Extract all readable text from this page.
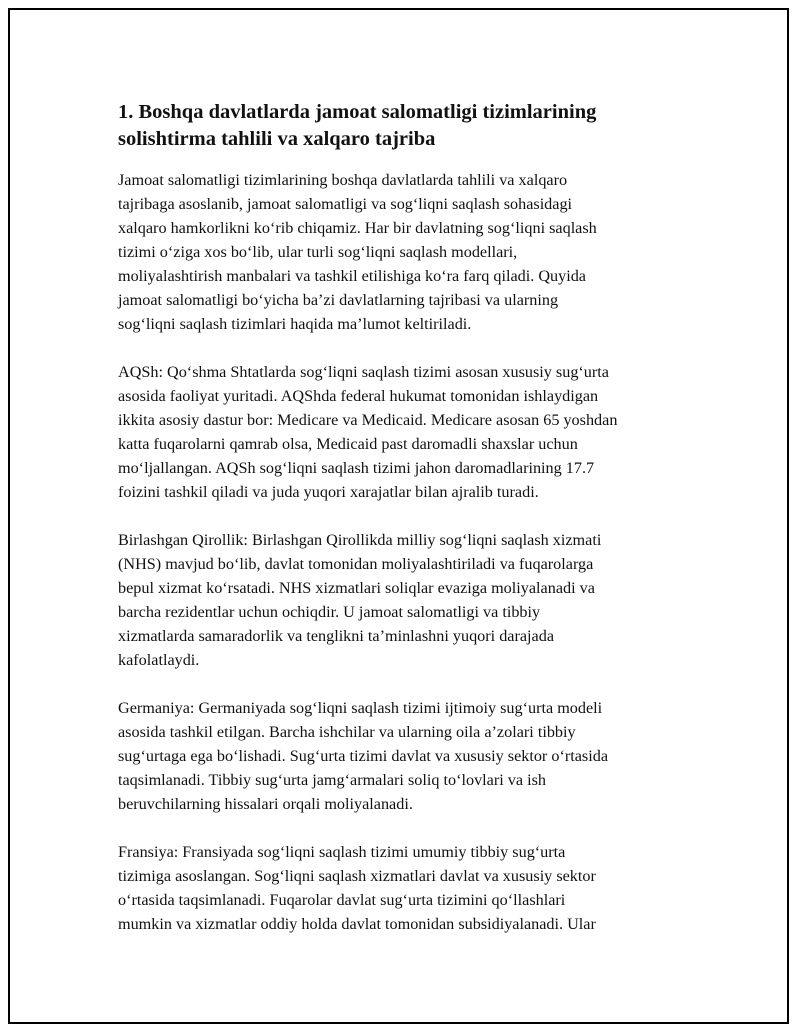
1. Boshqa davlatlarda jamoat salomatligi tizimlarining
solishtirma tahlili va xalqaro tajriba

Jamoat salomatligi tizimlarining boshqa davlatlarda tahlili va xalqaro
tajribaga asoslanib, jamoat salomatligi va sog‘liqni saqlash sohasidagi
xalqaro hamkorlikni ko‘rib chiqamiz. Har bir davlatning sog‘liqni saqlash
tizimi o‘ziga xos bo‘lib, ular turli sog‘liqni saqlash modellari,
moliyalashtirish manbalari va tashkil etilishiga ko‘ra farq qiladi. Quyida
jamoat salomatligi bo‘yicha ba’zi davlatlarning tajribasi va ularning
sog‘liqni saqlash tizimlari haqida ma’lumot keltiriladi.

AQSh: Qo‘shma Shtatlarda sog‘liqni saqlash tizimi asosan xususiy sug‘urta
asosida faoliyat yuritadi. AQShda federal hukumat tomonidan ishlaydigan
ikkita asosiy dastur bor: Medicare va Medicaid. Medicare asosan 65 yoshdan
katta fuqarolarni qamrab olsa, Medicaid past daromadli shaxslar uchun
mo‘ljallangan. AQSh sog‘liqni saqlash tizimi jahon daromadlarining 17.7
foizini tashkil qiladi va juda yuqori xarajatlar bilan ajralib turadi.

Birlashgan Qirollik: Birlashgan Qirollikda milliy sog‘liqni saqlash xizmati
(NHS) mavjud bo‘lib, davlat tomonidan moliyalashtiriladi va fuqarolarga
bepul xizmat ko‘rsatadi. NHS xizmatlari soliqlar evaziga moliyalanadi va
barcha rezidentlar uchun ochiqdir. U jamoat salomatligi va tibbiy
xizmatlarda samaradorlik va tenglikni ta’minlashni yuqori darajada
kafolatlaydi.

Germaniya: Germaniyada sog‘liqni saqlash tizimi ijtimoiy sug‘urta modeli
asosida tashkil etilgan. Barcha ishchilar va ularning oila a’zolari tibbiy
sug‘urtaga ega bo‘lishadi. Sug‘urta tizimi davlat va xususiy sektor o‘rtasida
taqsimlanadi. Tibbiy sug‘urta jamg‘armalari soliq to‘lovlari va ish
beruvchilarning hissalari orqali moliyalanadi.

Fransiya: Fransiyada sog‘liqni saqlash tizimi umumiy tibbiy sug‘urta
tizimiga asoslangan. Sog‘liqni saqlash xizmatlari davlat va xususiy sektor
o‘rtasida taqsimlanadi. Fuqarolar davlat sug‘urta tizimini qo‘llashlari
mumkin va xizmatlar oddiy holda davlat tomonidan subsidiyalanadi. Ular
